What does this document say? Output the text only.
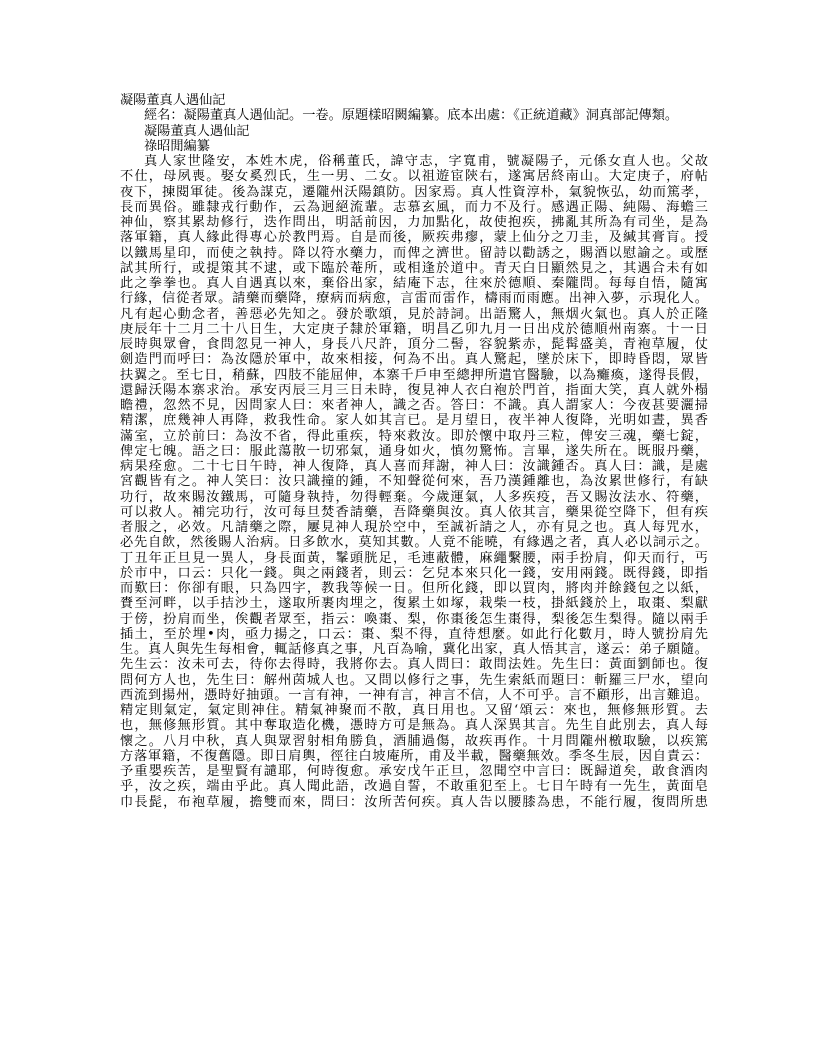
凝陽董真人遇仙記
經名：凝陽董真人遇仙記。一卷。原題樣昭闕編纂。底本出處：《正統道藏》洞真部記傳類。
凝陽董真人遇仙記
祿昭閒編纂
真人家世隆安，本姓木虎，俗稱董氏，諱守志，字寬甫，號凝陽子，元係女直人也。父故
不仕，母夙喪。娶女奚烈氏，生一男、二女。以祖遊宦陝右，遂寓居終南山。大定庚子，府帖
夜下，揀閱軍徒。後為謀克，遷隴州沃陽鎮防。因家焉。真人性資淳朴，氣貌恢弘，幼而篤孝，
長而異俗。雖隸戎行動作，云為迥絕流輩。志慕玄風，而力不及行。感遇正陽、純陽、海蟾三
神仙，察其累劫修行，迭作問出，明話前因，力加點化，故使抱疾，拂亂其所為有司坐，是為
落軍籍，真人緣此得專心於教門焉。自是而後，厥疾弗瘳，蒙上仙分之刀圭，及緘其膏肓。授
以鐵馬星印，而使之執持。降以符水藥力，而俾之濟世。留詩以勸誘之，賜酒以慰諭之。或歷
試其所行，或提策其不逮，或下臨於菴所，或相逢於道中。青天白日顯然見之，其遇合未有如
此之拳拳也。真人自遇真以來，棄俗出家，結庵下志，往來於德順、秦隴問。每每自悟，隨寓
行緣，信從者眾。請藥而藥降，療病而病愈，言雷而雷作，檮雨而雨應。出神入夢，示現化人。
凡有起心動念者，善惡必先知之。發於歌頌，見於詩詞。出語驚人，無烟火氣也。真人於正隆
庚辰年十二月二十八日生，大定庚子隸於軍籍，明昌乙卯九月一日出戍於德順州南寨。十一日
辰時與眾會，食問忽見一神人，身長八尺許，頂分二髻，容貌紫赤，髭髯盛美，青袍草履，仗
劍造門而呼曰：為汝隱於軍中，故來相接，何為不出。真人驚起，墜於床下，即時昏悶，眾皆
扶翼之。至七日，稍蘇，四肢不能屈伸，本寨千戶申至總押所遣官醫驗，以為癱瘓，遂得長假，
還歸沃陽本寨求治。承安丙辰三月三日未時，復見神人衣白袍於門首，指面大笑，真人就外榻
瞻禮，忽然不見，因問家人曰：來者神人，識之否。答曰：不識。真人謂家人：今夜甚要灑掃
精潔，庶幾神人再降，救我性命。家人如其言已。是月望日，夜半神人復降，光明如晝，異香
滿室，立於前曰：為汝不省，得此重疾，特來救汝。即於懷中取丹三粒，俾安三魂，藥七錠，
俾定七魄。語之曰：服此蕩散一切邪氣，通身如火，慎勿驚怖。言畢，遂失所在。既服丹藥，
病果痊愈。二十七日午時，神人復降，真人喜而拜謝，神人曰：汝識鍾否。真人曰：識，是處
宮觀皆有之。神人笑曰：汝只識撞的鍾，不知聲從何來，吾乃漢鍾離也，為汝累世修行，有缺
功行，故來賜汝鐵馬，可隨身執持，勿得輕棄。今歲運氣，人多疾疫，吾又賜汝法水、符藥，
可以救人。補完功行，汝可每旦焚香請藥，吾降藥與汝。真人依其言，藥果從空降下，但有疾
者服之，必效。凡請藥之際，屢見神人現於空中，至誠祈請之人，亦有見之也。真人每咒水，
必先自飲，然後賜人治病。日多飲水，莫知其數。人竟不能曉，有緣遇之者，真人必以詞示之。
丁丑年正旦見一異人，身長面黃，髼頭胱足，毛連蔽體，麻繩繫腰，兩手扮肩，仰天而行，丐
於市中，口云：只化一錢。與之兩錢者，則云：乞兒本來只化一錢，安用兩錢。既得錢，即指
而歎曰：你卻有眼，只為四字，教我等候一日。但所化錢，即以買肉，將肉并餘錢包之以紙，
賚至河畔，以手拮沙土，遂取所裹肉埋之，復累土如塚，栽柴一枝，掛紙錢於上，取棗、梨獻
于傍，扮肩而坐，俟觀者眾至，指云：喚棗、梨，你棗後怎生棗得，梨後怎生梨得。隨以兩手
插土，至於埋•肉，亟力揚之，口云：棗、梨不得，直待想麼。如此行化數月，時人號扮肩先
生。真人與先生每相會，輒話修真之事，凡百為喻，冀化出家，真人悟其言，遂云：弟子願隨。
先生云：汝未可去，待你去得時，我將你去。真人問曰：敢問法姓。先生曰：黃面劉師也。復
問何方人也，先生曰：解州茵城人也。又問以修行之事，先生索紙而題曰：斬羅三尸水，望向
西流到揚州，慿時好抽頭。一言有神，一神有言，神言不信，人不可乎。言不顧形，出言難追。
精定則氣定，氣定則神住。精氣神聚而不散，真日用也。又留‘頌云：來也，無修無形質。去
也，無修無形質。其中奪取造化機，慿時方可是無為。真人深異其言。先生自此別去，真人每
懷之。八月中秋，真人與眾習射相角勝負，酒脯過傷，故疾再作。十月問隴州檄取驗，以疾篤
方落軍籍，不復舊隱。即日肩輿，徑往白坡庵所，甫及半載，醫藥無效。季冬生辰，因自責云：
予重嬰疾苦，是聖賢有譴耶，何時復愈。承安戊午正旦，忽聞空中言曰：既歸道矣，敢食酒肉
乎，汝之疾，端由乎此。真人聞此語，改過自誓，不敢重犯至上。七日午時有一先生，黃面皂
巾長髭，布袍草履，擔雙而來，問曰：汝所苦何疾。真人告以腰膝為患，不能行履，復問所患
